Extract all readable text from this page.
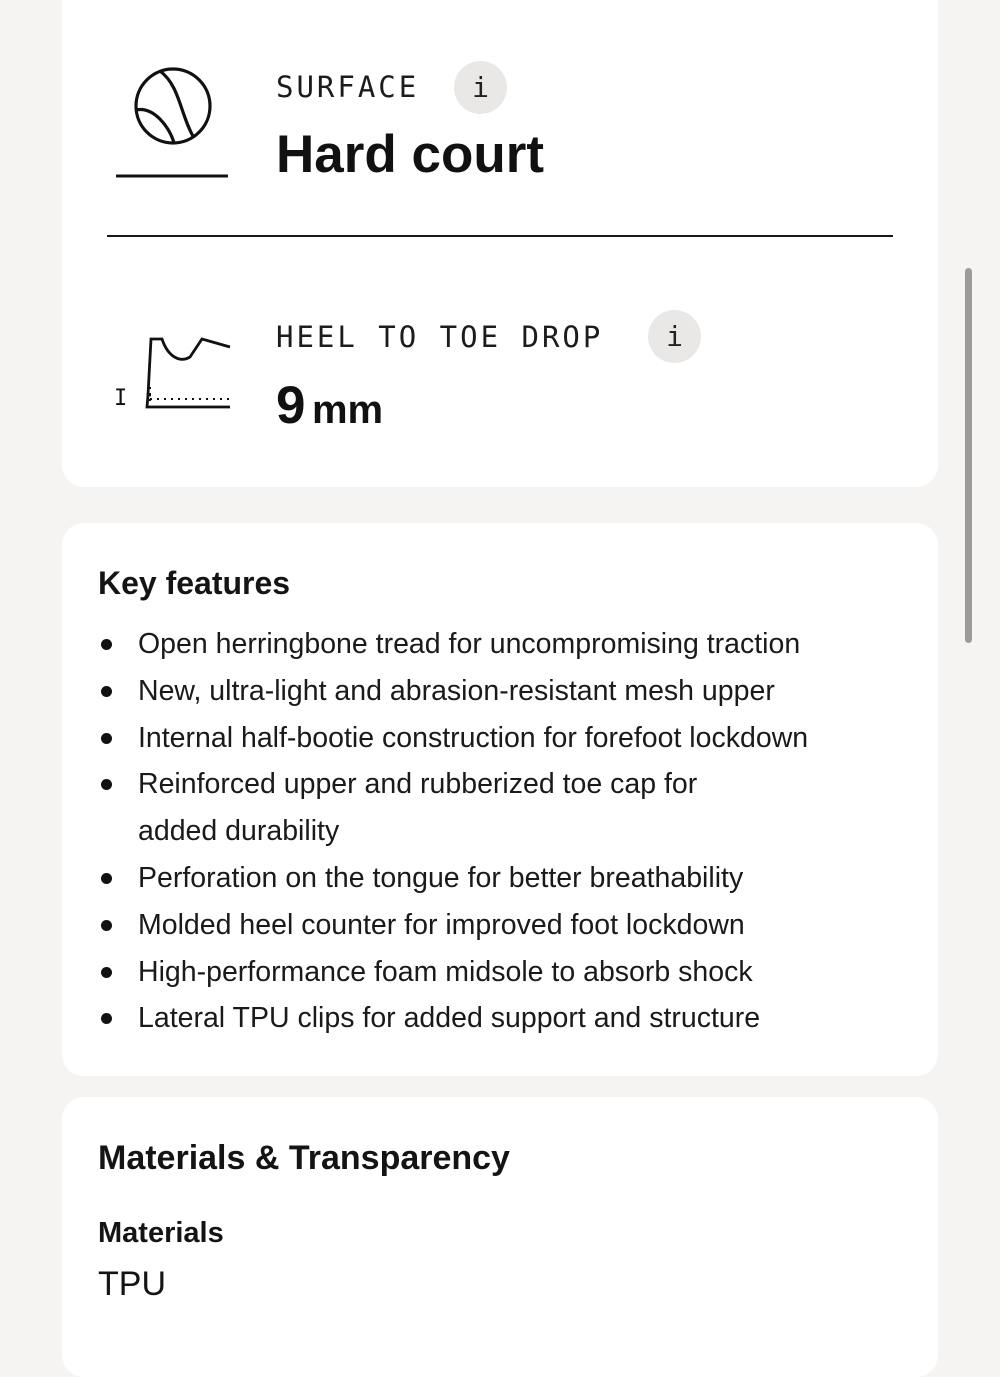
SURFACE	i
Hard court
I
HEEL TO TOE DROP	i
9 mm
Key features
Open herringbone tread for uncompromising traction
New, ultra-light and abrasion-resistant mesh upper
Internal half-bootie construction for forefoot lockdown
Reinforced upper and rubberized toe cap for added durability
Perforation on the tongue for better breathability
Molded heel counter for improved foot lockdown
High-performance foam midsole to absorb shock
Lateral TPU clips for added support and structure
Materials & Transparency
Materials
TPU
